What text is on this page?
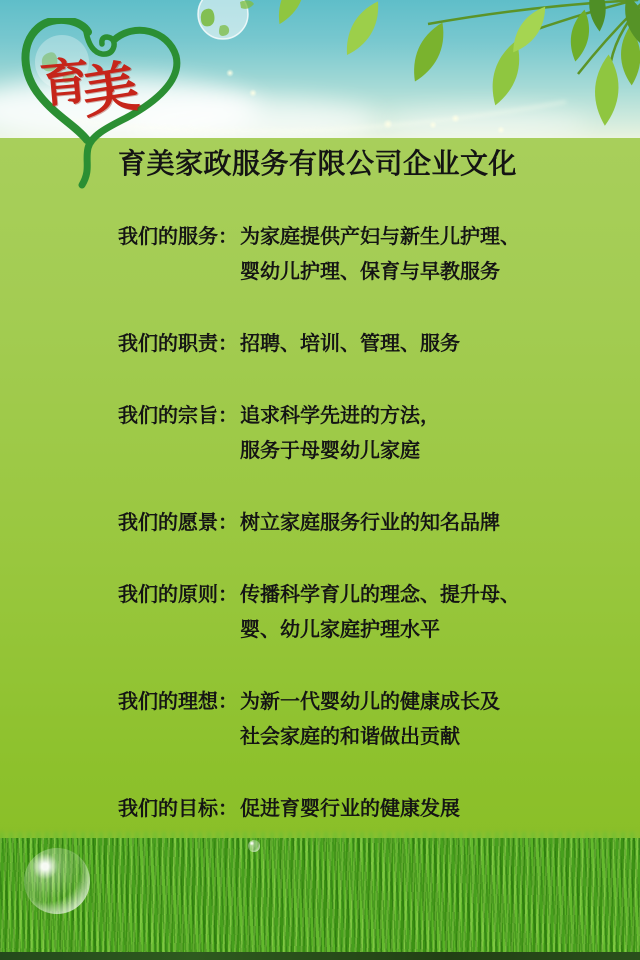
育
美
育美家政服务有限公司企业文化
我们的服务： 为家庭提供产妇与新生儿护理、
婴幼儿护理、保育与早教服务
我们的职责： 招聘、培训、管理、服务
我们的宗旨： 追求科学先进的方法，
服务于母婴幼儿家庭
我们的愿景： 树立家庭服务行业的知名品牌
我们的原则： 传播科学育儿的理念、提升母、
婴、幼儿家庭护理水平
我们的理想： 为新一代婴幼儿的健康成长及
社会家庭的和谐做出贡献
我们的目标： 促进育婴行业的健康发展
